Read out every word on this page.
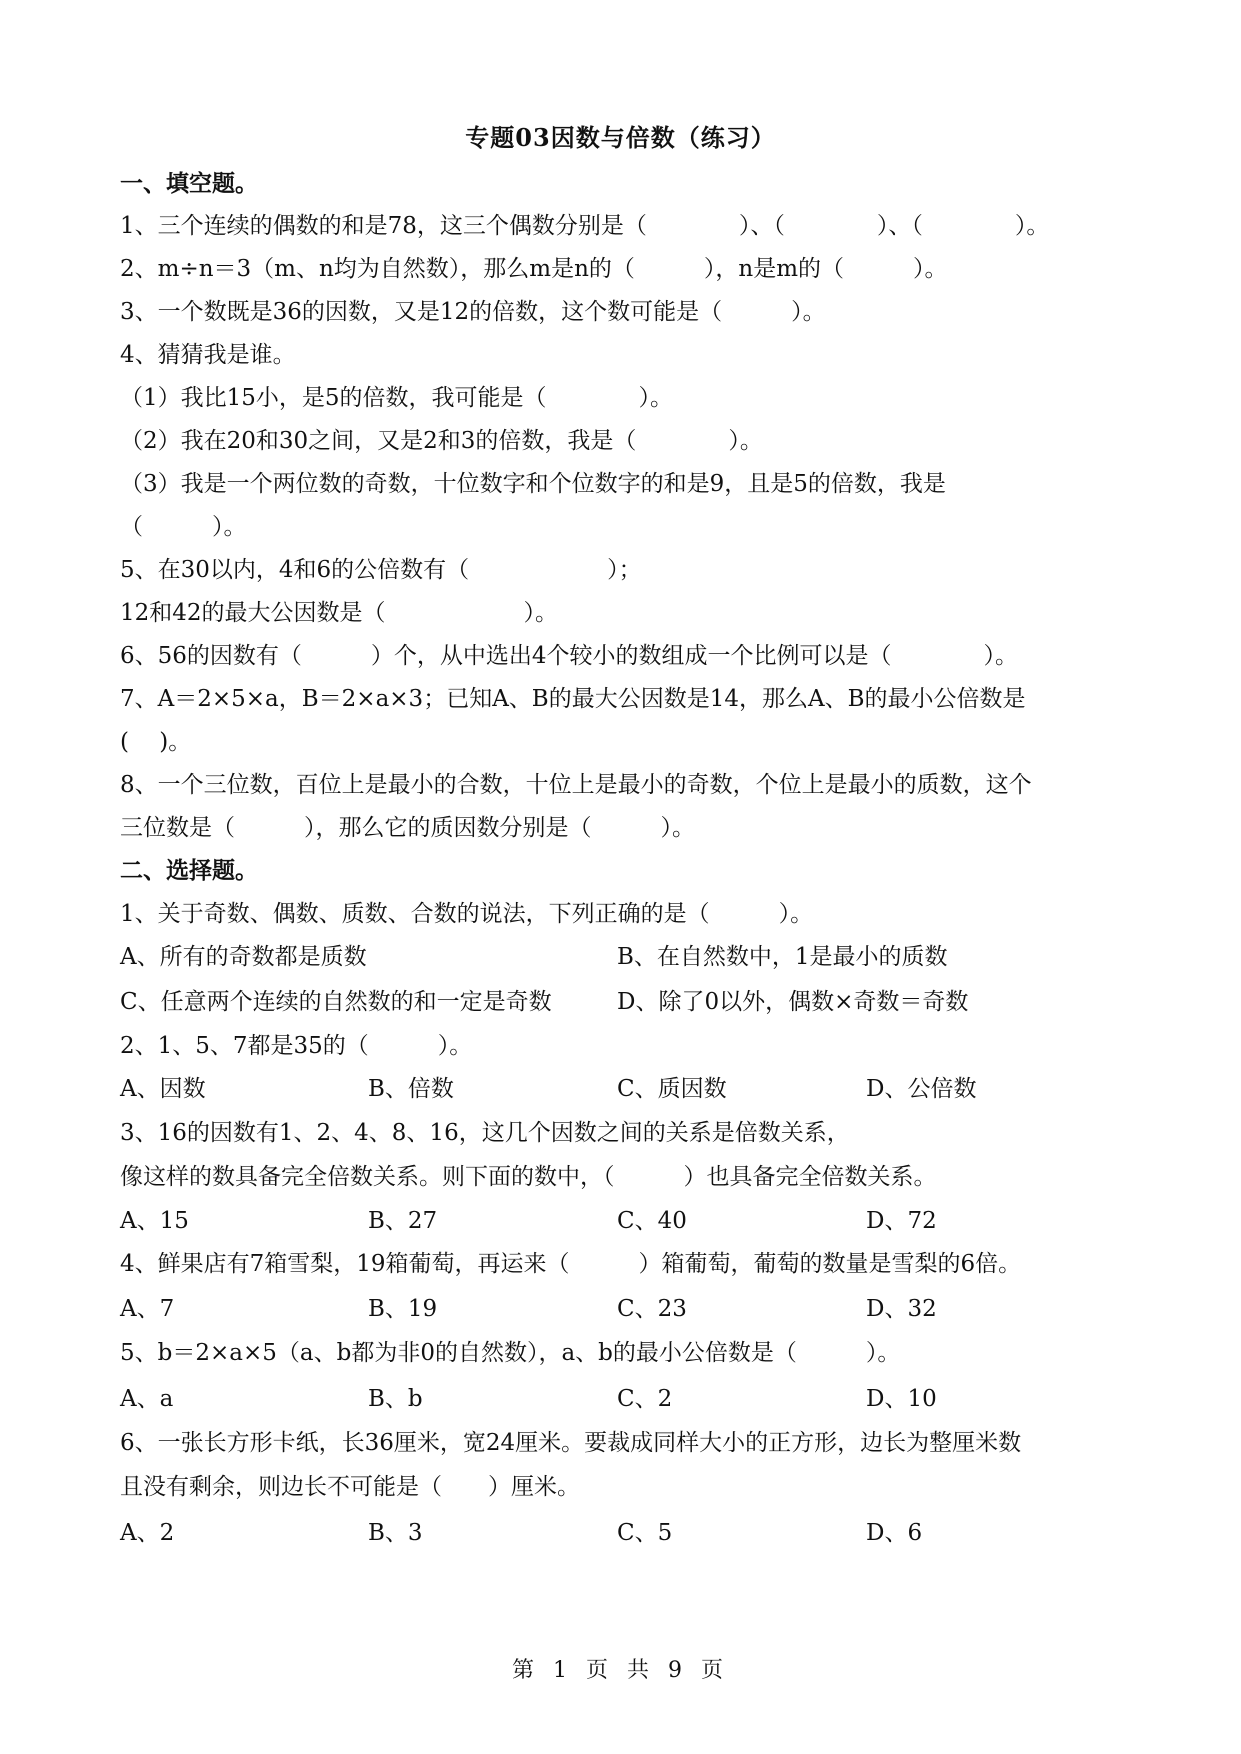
专题03因数与倍数（练习）
一、填空题。
1、三个连续的偶数的和是78，这三个偶数分别是（　　　　）、（　　　　）、（　　　　）。
2、m÷n＝3（m、n均为自然数），那么m是n的（　　　），n是m的（　　　）。
3、一个数既是36的因数，又是12的倍数，这个数可能是（　　　）。
4、猜猜我是谁。
（1）我比15小，是5的倍数，我可能是（　　　　）。
（2）我在20和30之间，又是2和3的倍数，我是（　　　　）。
（3）我是一个两位数的奇数，十位数字和个位数字的和是9，且是5的倍数，我是
（　　　）。
5、在30以内，4和6的公倍数有（　　　　　　）；
12和42的最大公因数是（　　　　　　）。
6、56的因数有（　　　）个，从中选出4个较小的数组成一个比例可以是（　　　　）。
7、A＝2×5×a，B＝2×a×3；已知A、B的最大公因数是14，那么A、B的最小公倍数是
(　 )。
8、一个三位数，百位上是最小的合数，十位上是最小的奇数，个位上是最小的质数，这个
三位数是（　　　），那么它的质因数分别是（　　　）。
二、选择题。
1、关于奇数、偶数、质数、合数的说法，下列正确的是（　　　）。
A、所有的奇数都是质数	B、在自然数中，1是最小的质数
C、任意两个连续的自然数的和一定是奇数	D、除了0以外，偶数×奇数＝奇数
2、1、5、7都是35的（　　　）。
A、因数	B、倍数	C、质因数	D、公倍数
3、16的因数有1、2、4、8、16，这几个因数之间的关系是倍数关系，
像这样的数具备完全倍数关系。则下面的数中，（　　　）也具备完全倍数关系。
A、15	B、27	C、40	D、72
4、鲜果店有7箱雪梨，19箱葡萄，再运来（　　　）箱葡萄，葡萄的数量是雪梨的6倍。
A、7	B、19	C、23	D、32
5、b＝2×a×5（a、b都为非0的自然数），a、b的最小公倍数是（　　　）。
A、a	B、b	C、2	D、10
6、一张长方形卡纸，长36厘米，宽24厘米。要裁成同样大小的正方形，边长为整厘米数
且没有剩余，则边长不可能是（　　）厘米。
A、2	B、3	C、5	D、6
第 1 页 共 9 页
